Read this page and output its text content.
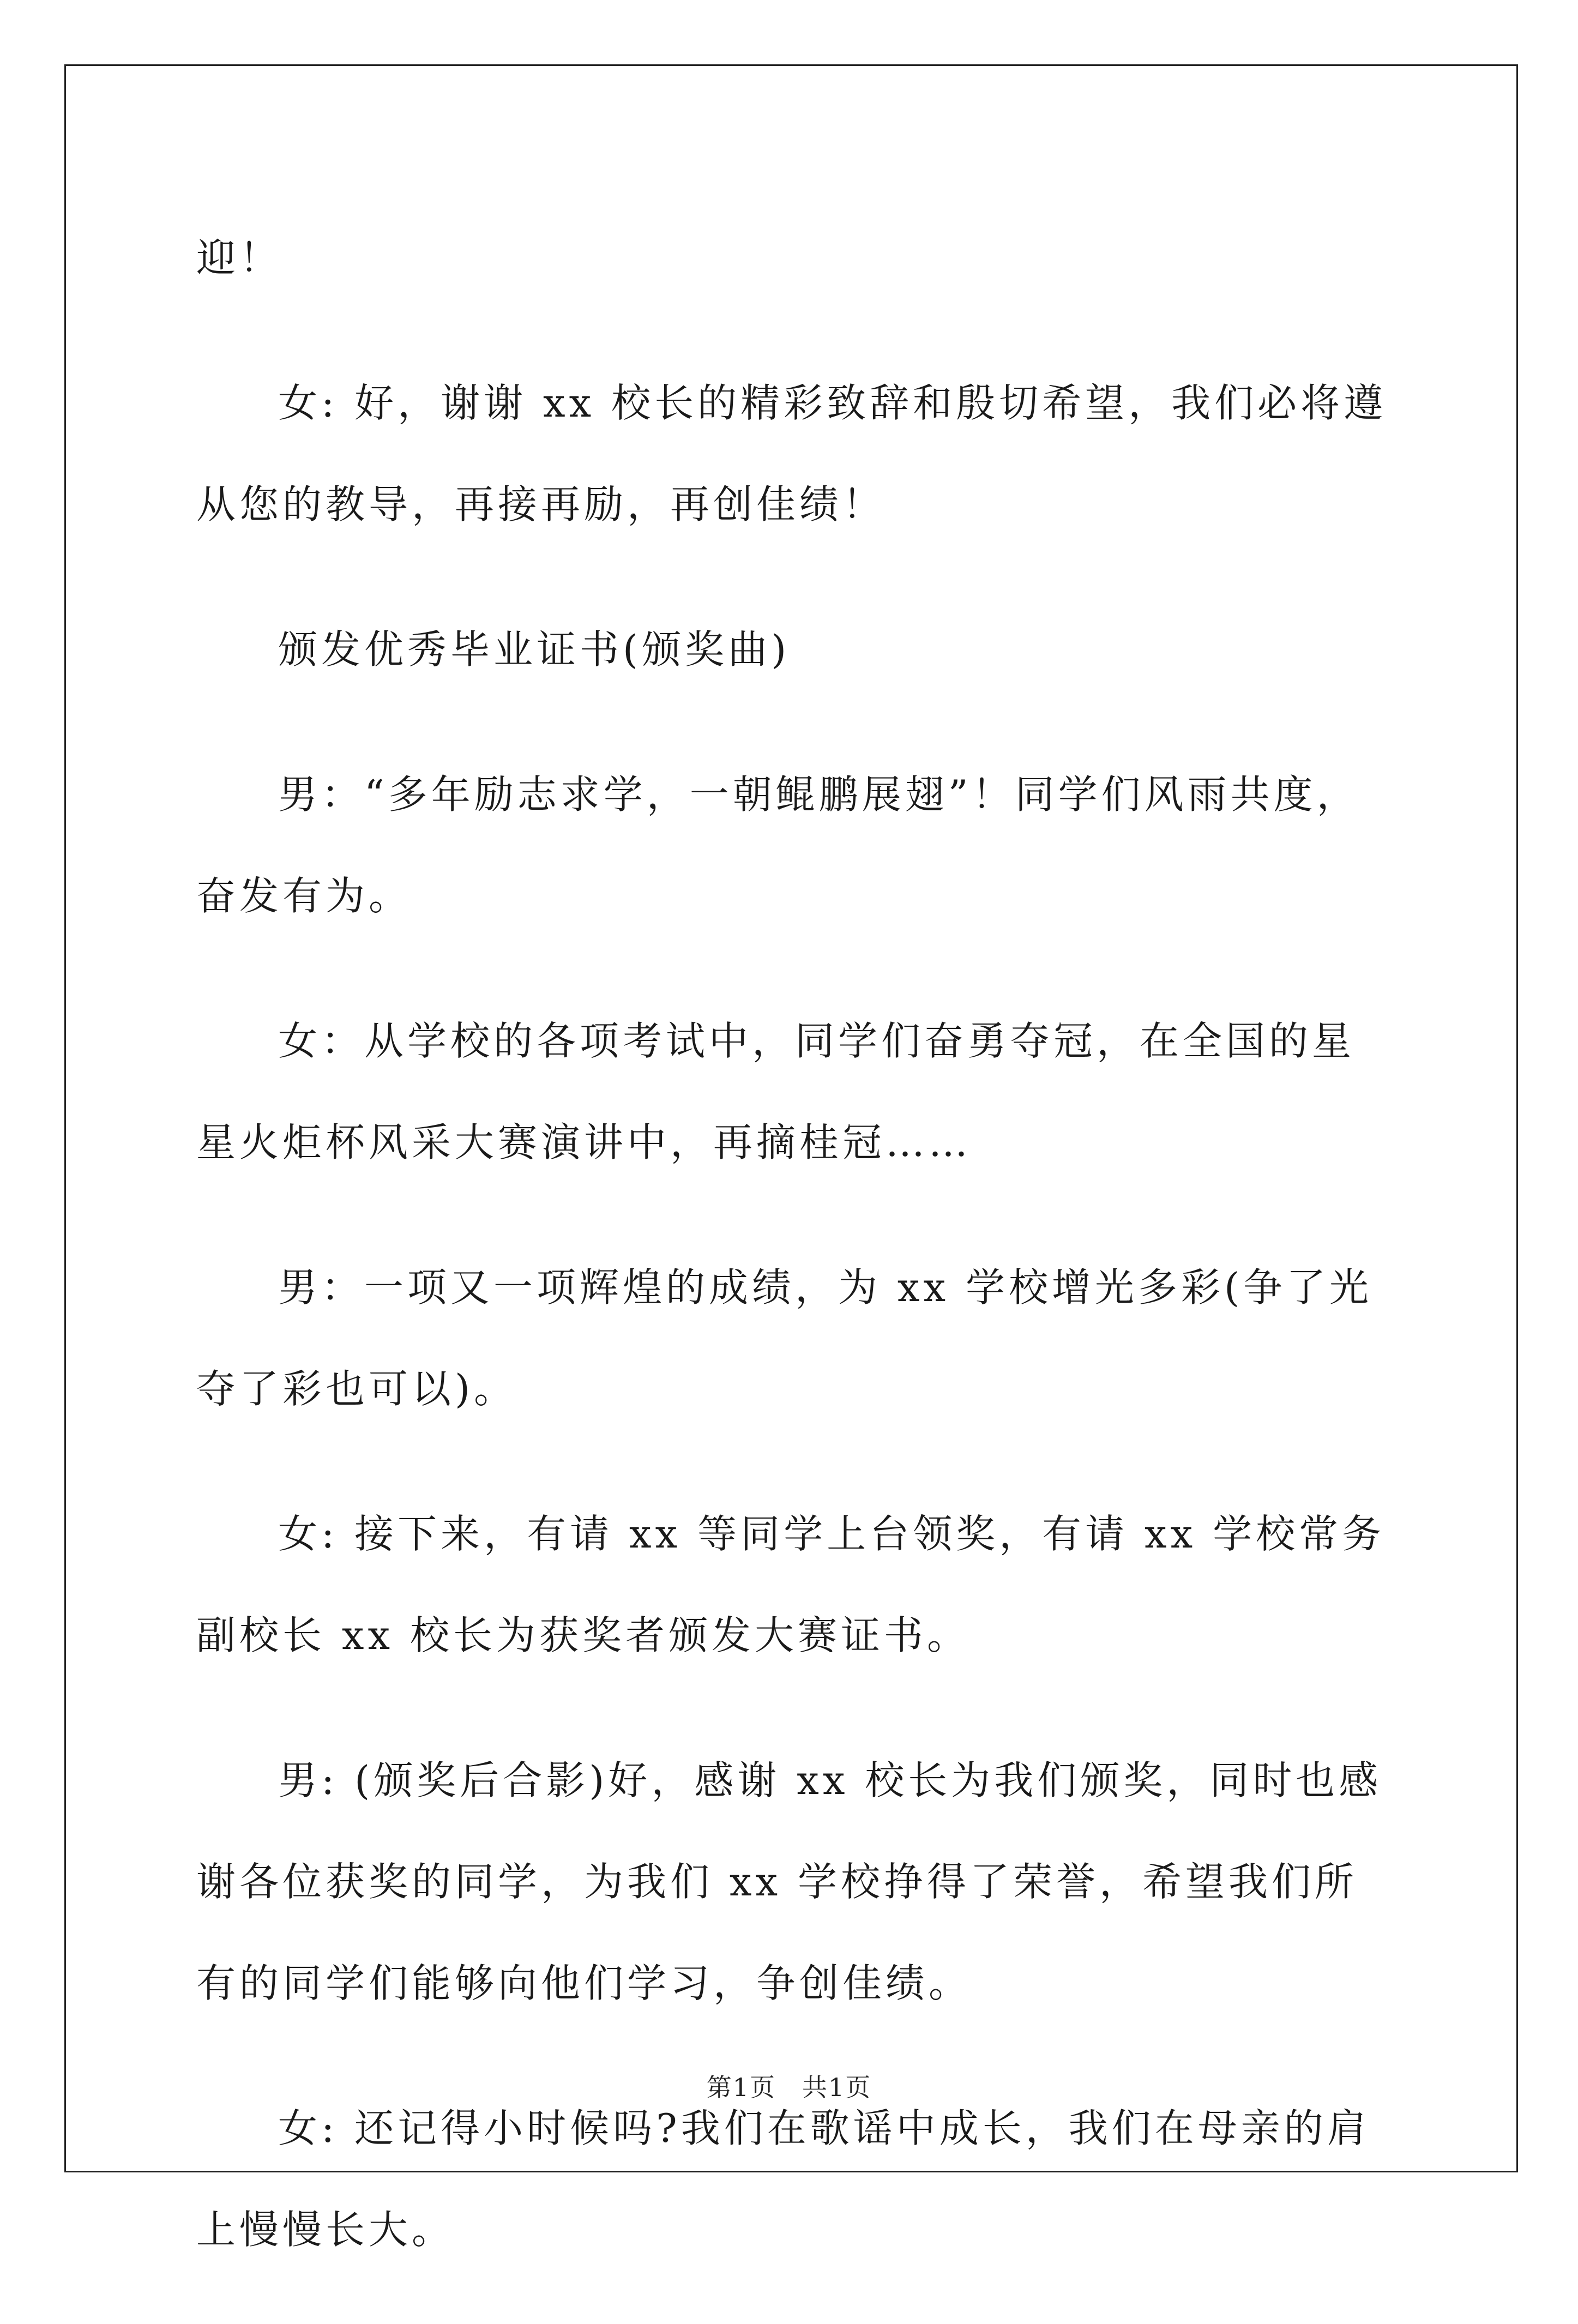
迎！

女: 好，谢谢 xx 校长的精彩致辞和殷切希望，我们必将遵从您的教导，再接再励，再创佳绩！

颁发优秀毕业证书(颁奖曲)

男：“多年励志求学，一朝鲲鹏展翅”！同学们风雨共度，奋发有为。

女：从学校的各项考试中，同学们奋勇夺冠，在全国的星星火炬杯风采大赛演讲中，再摘桂冠……

男：一项又一项辉煌的成绩，为 xx 学校增光多彩(争了光夺了彩也可以)。

女: 接下来，有请 xx 等同学上台领奖，有请 xx 学校常务副校长 xx 校长为获奖者颁发大赛证书。

男: (颁奖后合影)好，感谢 xx 校长为我们颁奖，同时也感谢各位获奖的同学，为我们 xx 学校挣得了荣誉，希望我们所有的同学们能够向他们学习，争创佳绩。

女: 还记得小时候吗?我们在歌谣中成长，我们在母亲的肩上慢慢长大。

第1页　共1页
